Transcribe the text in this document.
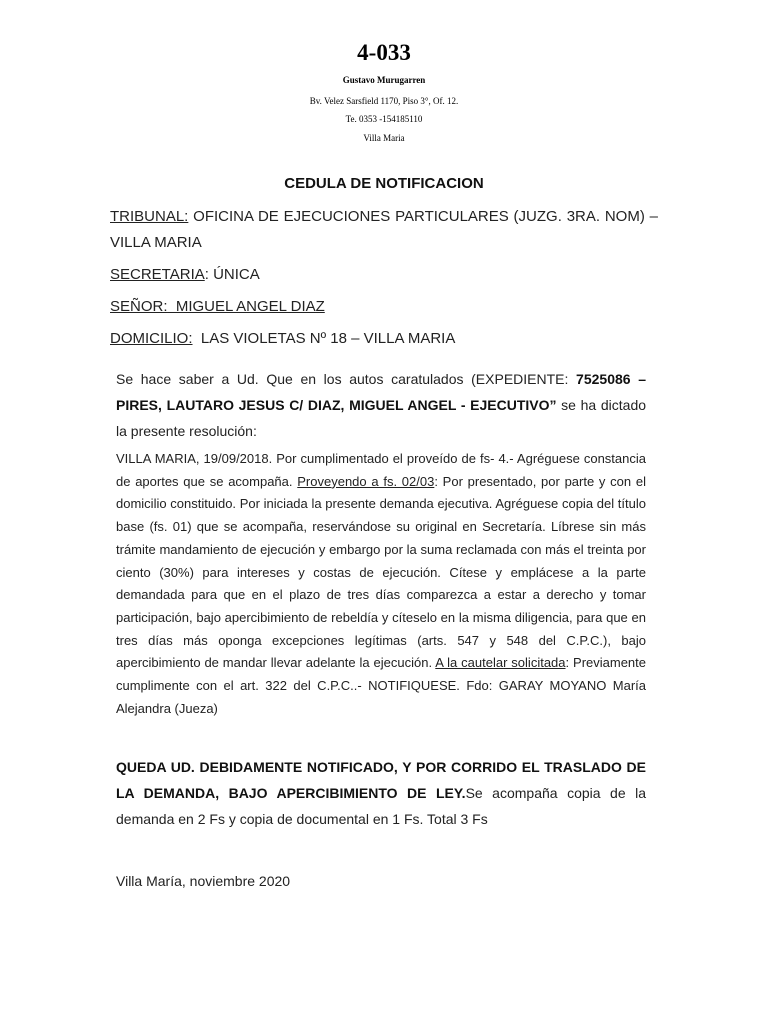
4-033
Gustavo Murugarren
Bv. Velez Sarsfield 1170, Piso 3°, Of. 12.
Te. 0353 -154185110
Villa Maria
CEDULA DE NOTIFICACION
TRIBUNAL: OFICINA DE EJECUCIONES PARTICULARES (JUZG. 3RA. NOM) – VILLA MARIA
SECRETARIA: ÚNICA
SEÑOR:  MIGUEL ANGEL DIAZ
DOMICILIO:  LAS VIOLETAS Nº 18 – VILLA MARIA
Se hace saber a Ud. Que en los autos caratulados (EXPEDIENTE: 7525086 – PIRES, LAUTARO JESUS C/ DIAZ, MIGUEL ANGEL - EJECUTIVO” se ha dictado la presente resolución:
VILLA MARIA, 19/09/2018. Por cumplimentado el proveído de fs- 4.- Agréguese constancia de aportes que se acompaña. Proveyendo a fs. 02/03: Por presentado, por parte y con el domicilio constituido. Por iniciada la presente demanda ejecutiva. Agréguese copia del título base (fs. 01) que se acompaña, reservándose su original en Secretaría. Líbrese sin más trámite mandamiento de ejecución y embargo por la suma reclamada con más el treinta por ciento (30%) para intereses y costas de ejecución. Cítese y emplácese a la parte demandada para que en el plazo de tres días comparezca a estar a derecho y tomar participación, bajo apercibimiento de rebeldía y cíteselo en la misma diligencia, para que en tres días más oponga excepciones legítimas (arts. 547 y 548 del C.P.C.), bajo apercibimiento de mandar llevar adelante la ejecución. A la cautelar solicitada: Previamente cumplimente con el art. 322 del C.P.C..- NOTIFIQUESE. Fdo: GARAY MOYANO María Alejandra (Jueza)
QUEDA UD. DEBIDAMENTE NOTIFICADO, Y POR CORRIDO EL TRASLADO DE LA DEMANDA, BAJO APERCIBIMIENTO DE LEY.Se acompaña copia de la demanda en 2 Fs y copia de documental en 1 Fs. Total 3 Fs
Villa María, noviembre 2020
